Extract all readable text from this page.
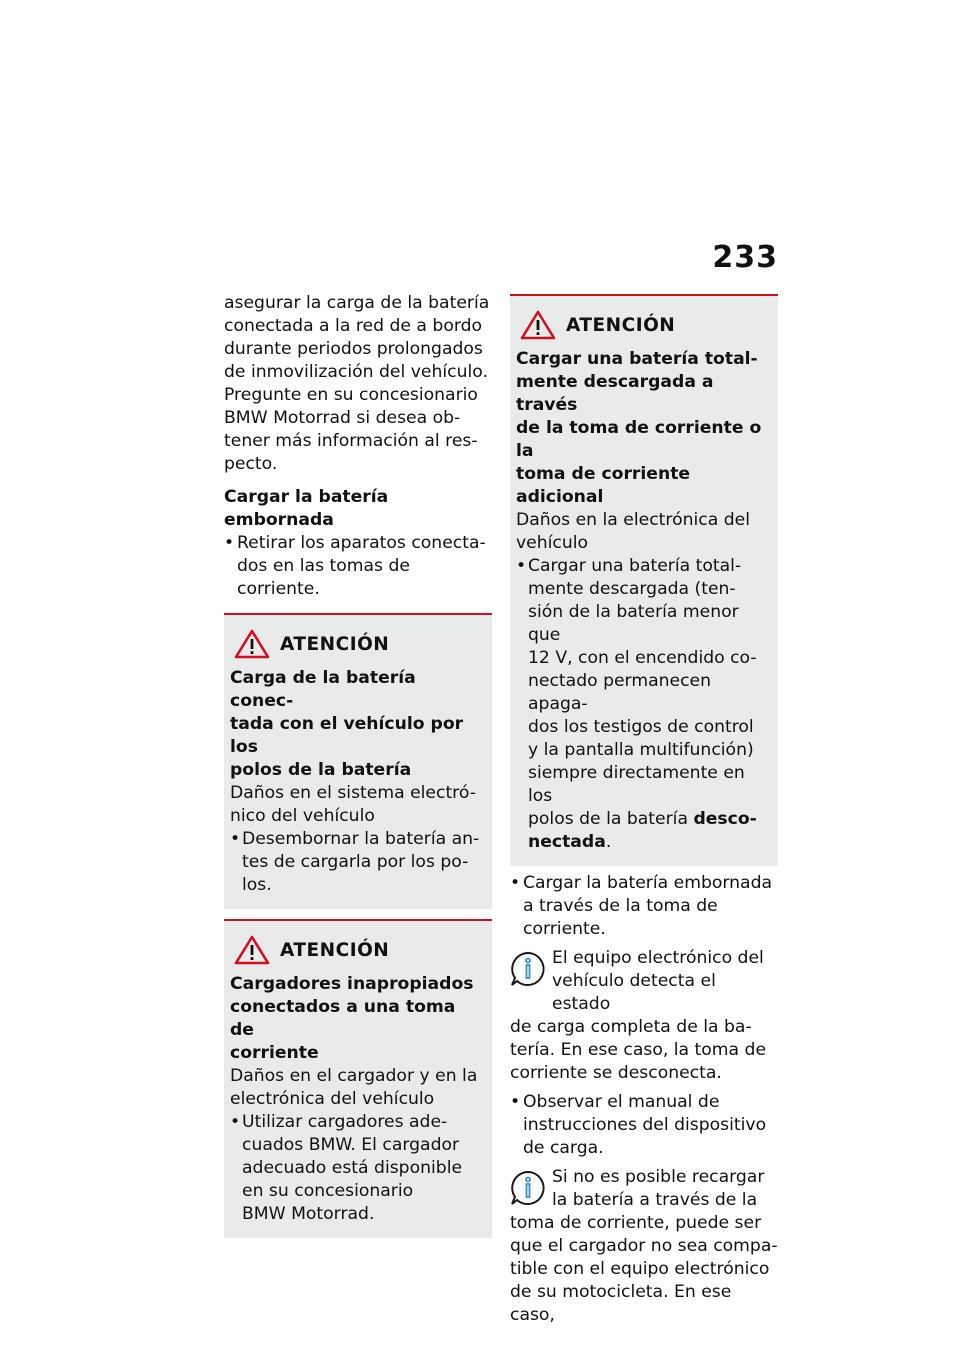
233
asegurar la carga de la batería
conectada a la red de a bordo
durante periodos prolongados
de inmovilización del vehículo.
Pregunte en su concesionario
BMW Motorrad si desea ob-
tener más información al res-
pecto.
Cargar la batería embornada
• Retirar los aparatos conecta-
dos en las tomas de corriente.
ATENCIÓN
Carga de la batería conec-
tada con el vehículo por los
polos de la batería
Daños en el sistema electró-
nico del vehículo
• Desembornar la batería an-
tes de cargarla por los po-
los.
ATENCIÓN
Cargadores inapropiados
conectados a una toma de
corriente
Daños en el cargador y en la
electrónica del vehículo
• Utilizar cargadores ade-
cuados BMW. El cargador
adecuado está disponible
en su concesionario
BMW Motorrad.
ATENCIÓN
Cargar una batería total-
mente descargada a través
de la toma de corriente o la
toma de corriente adicional
Daños en la electrónica del
vehículo
• Cargar una batería total-
mente descargada (ten-
sión de la batería menor que
12 V, con el encendido co-
nectado permanecen apaga-
dos los testigos de control
y la pantalla multifunción)
siempre directamente en los
polos de la batería desco-
nectada.
• Cargar la batería embornada
a través de la toma de
corriente.
El equipo electrónico del
vehículo detecta el estado
de carga completa de la ba-
tería. En ese caso, la toma de
corriente se desconecta.
• Observar el manual de
instrucciones del dispositivo
de carga.
Si no es posible recargar
la batería a través de la
toma de corriente, puede ser
que el cargador no sea compa-
tible con el equipo electrónico
de su motocicleta. En ese caso,
